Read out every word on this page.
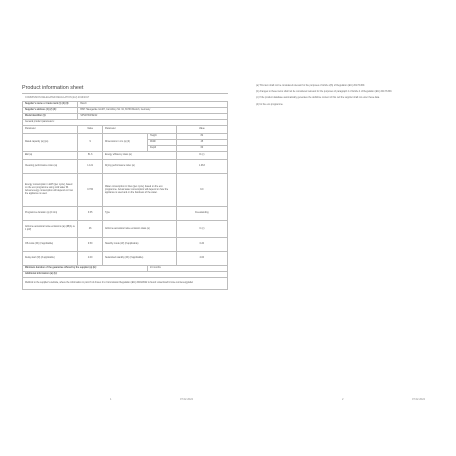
Product information sheet
COMMISSION DELEGATED REGULATION (EU) 2019/2017
Supplier's name or trade mark (1) (2) (3):	Bosch			
Supplier's address (1) (2) (3):	BSH Hausgeräte GmbH, Carl-Wery-Str. 34, 81739 Munich, Germany			
Model identifier (1):	SPS4HKI45E/22			
General product parameters:				
Parameter	Value	Parameter		Value
Rated capacity (a) (ps)	9	Dimensions in cm (a) (b)	Height	82
			Width	45
			Depth	60
EEI (a)	51.6	Energy efficiency class (a)		D (c)
Cleaning performance index (a)	1.121	Drying performance index (a)		1.063
Energy consumption in kWh [per cycle], based on the eco programme using cold water fill. Actual energy consumption will depend on how the appliance is used.	0.760	Water consumption in litres [per cycle], based on the eco programme. Actual water consumption will depend on how the appliance is used and on the hardness of the water.		9.0
Programme duration (a) (h:min)	3:35	Type		Freestanding
Airborne acoustical noise emissions (a) (dB(A) re 1 pW)	46	Airborne acoustical noise emission class (a)		C (c)
Off-mode (W) (if applicable)	0.50	Standby mode (W) (if applicable)		0.20
Delay start (W) (if applicable)	4.00	Networked standby (W) (if applicable)		2.00
Minimum duration of the guarantee offered by the supplier (a) (b):			24 months	
Additional information (a) (b):				
Weblink to the supplier's website, where the information in point 6 of Annex 2 to Commission Regulation (EU) 2019/2022 is found: www.bosch-home.com/energylabel				

(a) This item shall not be considered relevant for the purposes of Article 2(6) of Regulation (EU) 2017/1369.

(b) changes to these items shall not be considered relevant for the purposes of paragraph 4 of Article 4 of Regulation (EU) 2017/1369.

(c) If the product database automatically generates the definitive content of this cell the supplier shall not enter these data.

(d) for the eco programme.

1	07.02.2024	2	07.02.2024
